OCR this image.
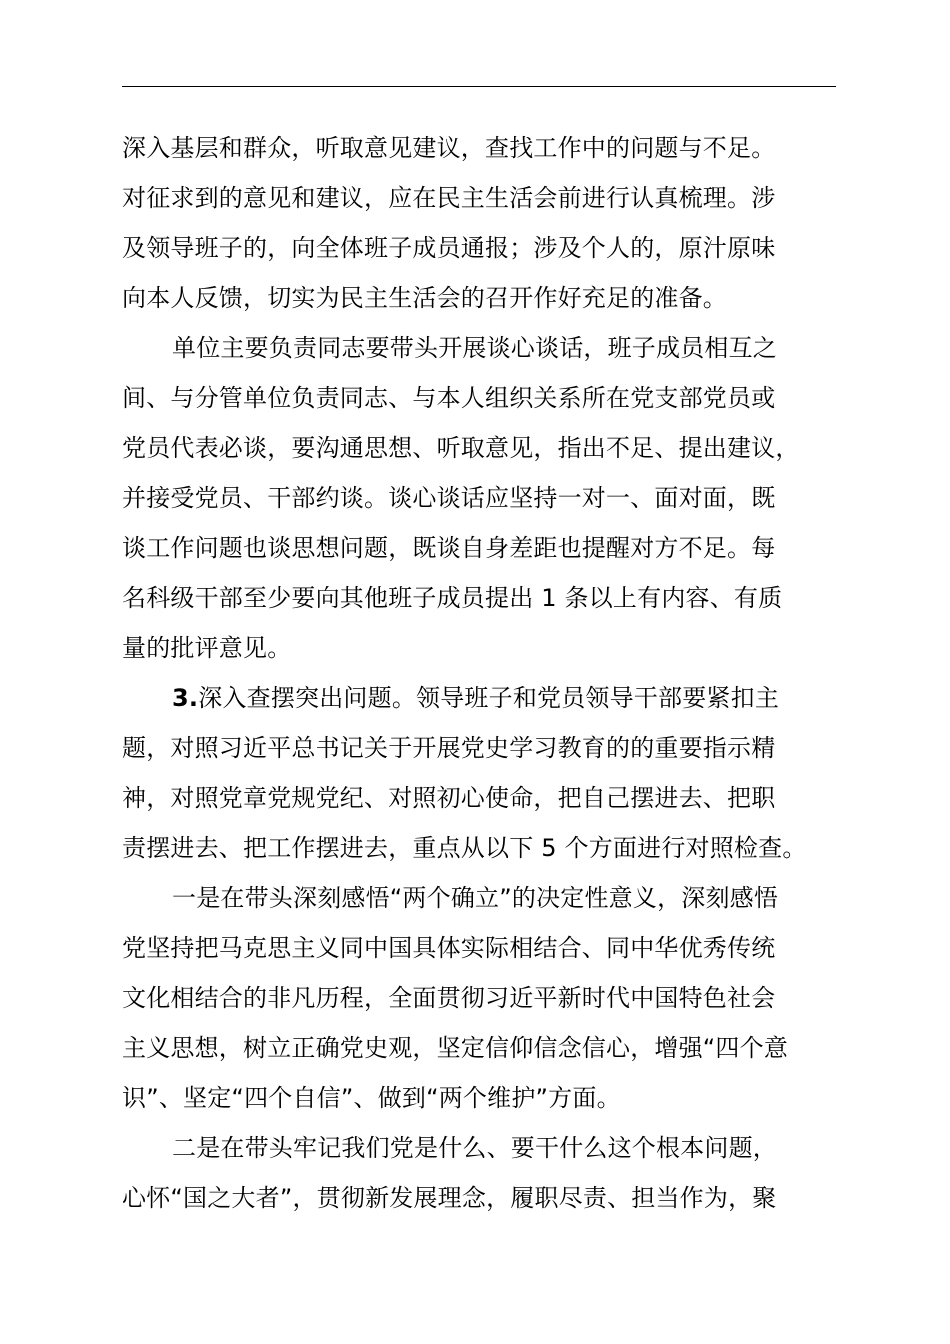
深入基层和群众，听取意见建议，查找工作中的问题与不足。
对征求到的意见和建议，应在民主生活会前进行认真梳理。涉
及领导班子的，向全体班子成员通报；涉及个人的，原汁原味
向本人反馈，切实为民主生活会的召开作好充足的准备。
单位主要负责同志要带头开展谈心谈话，班子成员相互之
间、与分管单位负责同志、与本人组织关系所在党支部党员或
党员代表必谈，要沟通思想、听取意见，指出不足、提出建议，
并接受党员、干部约谈。谈心谈话应坚持一对一、面对面，既
谈工作问题也谈思想问题，既谈自身差距也提醒对方不足。每
名科级干部至少要向其他班子成员提出 1 条以上有内容、有质
量的批评意见。
3.深入查摆突出问题。领导班子和党员领导干部要紧扣主
题，对照习近平总书记关于开展党史学习教育的的重要指示精
神，对照党章党规党纪、对照初心使命，把自己摆进去、把职
责摆进去、把工作摆进去，重点从以下 5 个方面进行对照检查。
一是在带头深刻感悟“两个确立”的决定性意义，深刻感悟
党坚持把马克思主义同中国具体实际相结合、同中华优秀传统
文化相结合的非凡历程，全面贯彻习近平新时代中国特色社会
主义思想，树立正确党史观，坚定信仰信念信心，增强“四个意
识”、坚定“四个自信”、做到“两个维护”方面。
二是在带头牢记我们党是什么、要干什么这个根本问题，
心怀“国之大者”，贯彻新发展理念，履职尽责、担当作为，聚
